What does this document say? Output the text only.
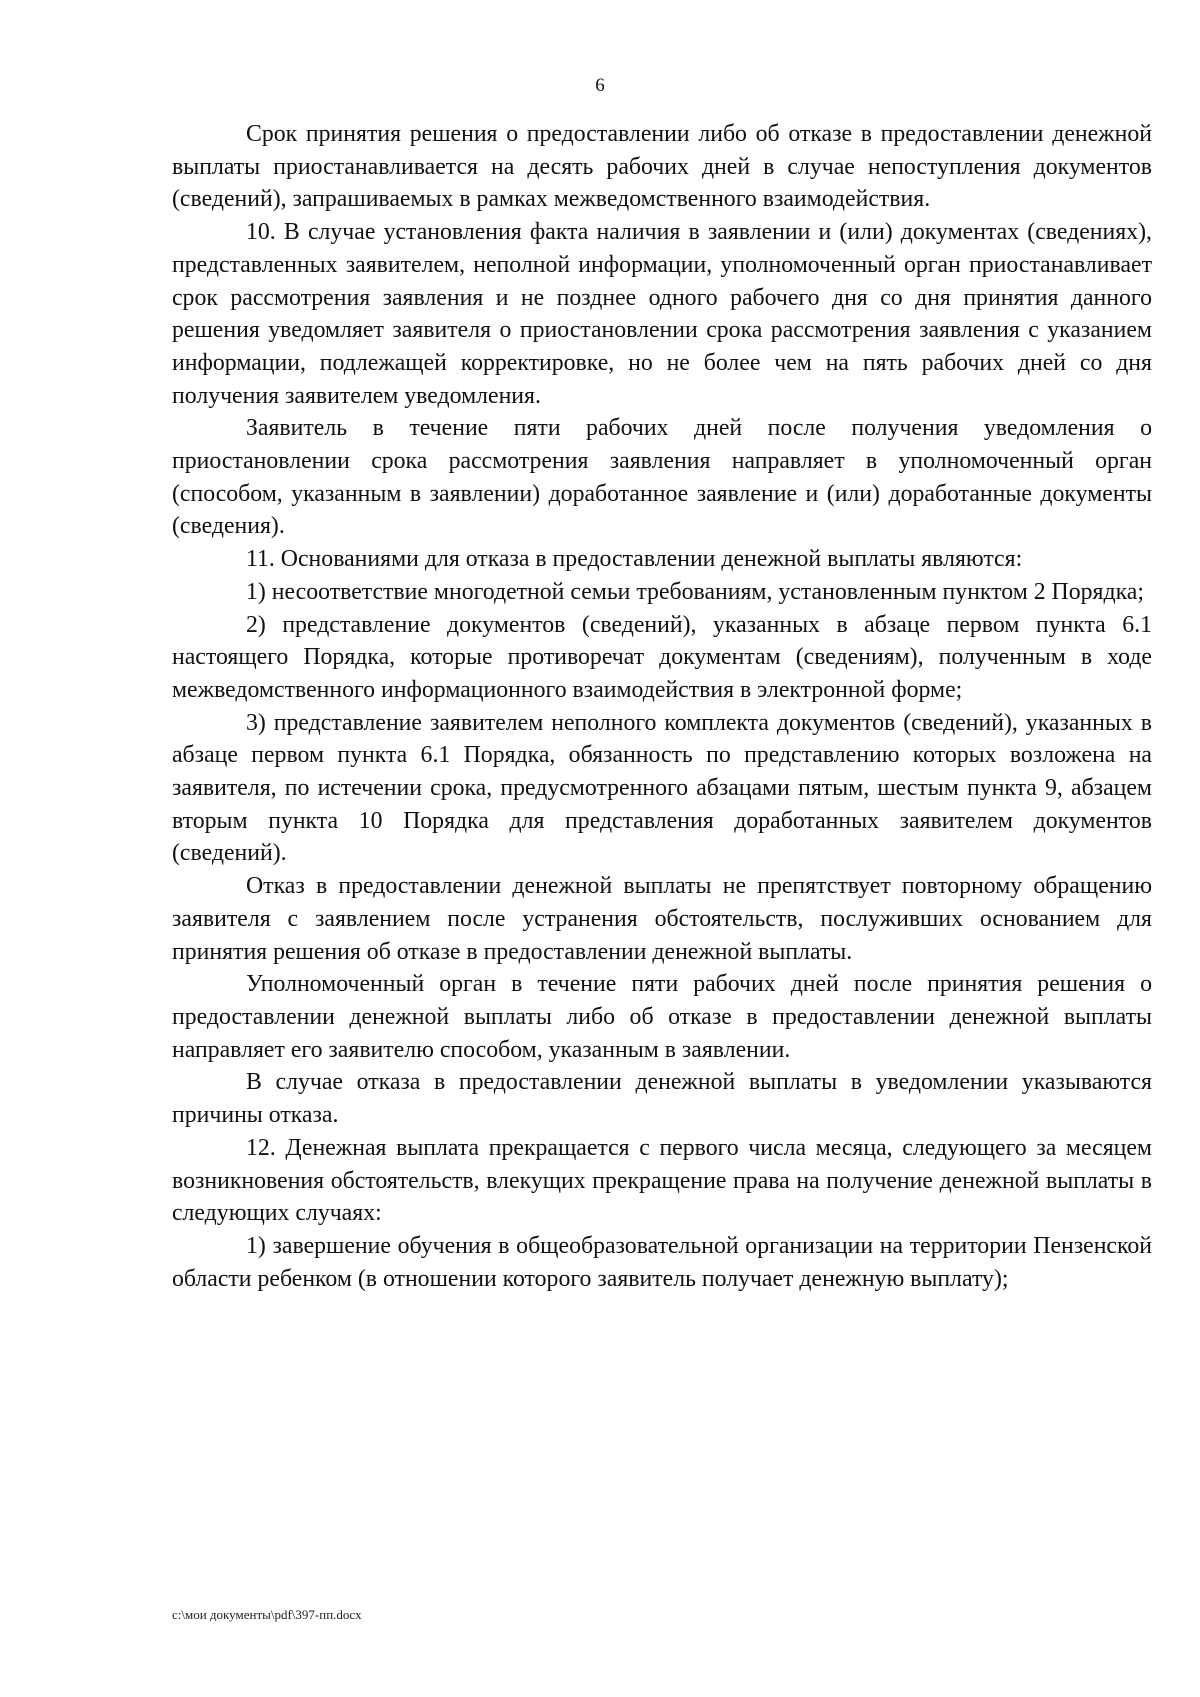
6

Срок принятия решения о предоставлении либо об отказе в предоставлении денежной выплаты приостанавливается на десять рабочих дней в случае непоступления документов (сведений), запрашиваемых в рамках межведомственного взаимодействия.

10. В случае установления факта наличия в заявлении и (или) документах (сведениях), представленных заявителем, неполной информации, уполномоченный орган приостанавливает срок рассмотрения заявления и не позднее одного рабочего дня со дня принятия данного решения уведомляет заявителя о приостановлении срока рассмотрения заявления с указанием информации, подлежащей корректировке, но не более чем на пять рабочих дней со дня получения заявителем уведомления.

Заявитель в течение пяти рабочих дней после получения уведомления о приостановлении срока рассмотрения заявления направляет в уполномоченный орган (способом, указанным в заявлении) доработанное заявление и (или) доработанные документы (сведения).

11. Основаниями для отказа в предоставлении денежной выплаты являются:

1) несоответствие многодетной семьи требованиям, установленным пунктом 2 Порядка;

2) представление документов (сведений), указанных в абзаце первом пункта 6.1 настоящего Порядка, которые противоречат документам (сведениям), полученным в ходе межведомственного информационного взаимодействия в электронной форме;

3) представление заявителем неполного комплекта документов (сведений), указанных в абзаце первом пункта 6.1 Порядка, обязанность по представлению которых возложена на заявителя, по истечении срока, предусмотренного абзацами пятым, шестым пункта 9, абзацем вторым пункта 10 Порядка для представления доработанных заявителем документов (сведений).

Отказ в предоставлении денежной выплаты не препятствует повторному обращению заявителя с заявлением после устранения обстоятельств, послуживших основанием для принятия решения об отказе в предоставлении денежной выплаты.

Уполномоченный орган в течение пяти рабочих дней после принятия решения о предоставлении денежной выплаты либо об отказе в предоставлении денежной выплаты направляет его заявителю способом, указанным в заявлении.

В случае отказа в предоставлении денежной выплаты в уведомлении указываются причины отказа.

12. Денежная выплата прекращается с первого числа месяца, следующего за месяцем возникновения обстоятельств, влекущих прекращение права на получение денежной выплаты в следующих случаях:

1) завершение обучения в общеобразовательной организации на территории Пензенской области ребенком (в отношении которого заявитель получает денежную выплату);

c:\мои документы\pdf\397-пп.docx
